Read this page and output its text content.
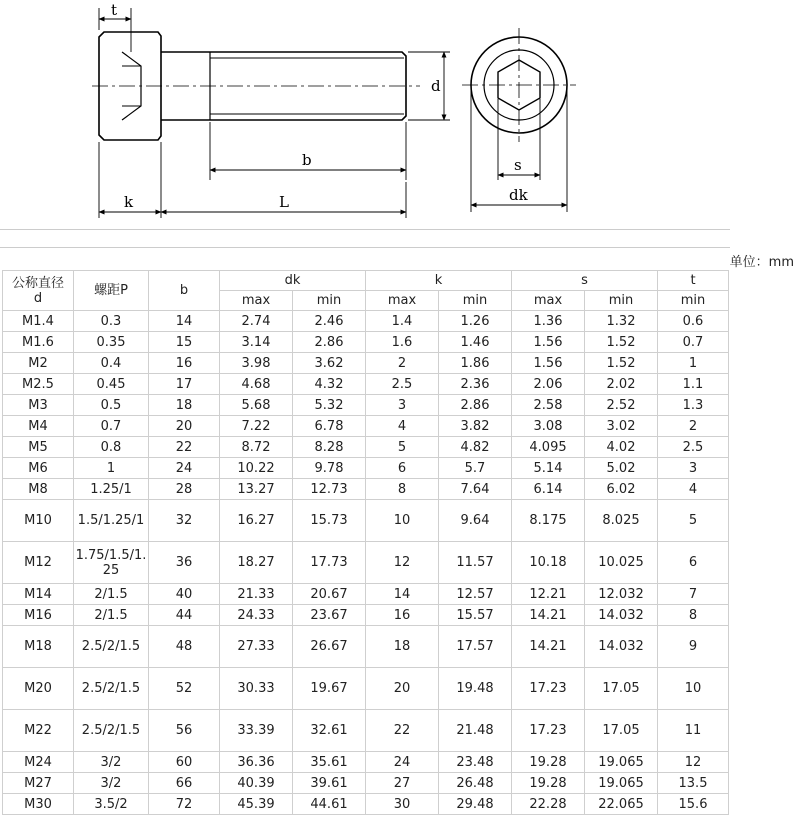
t
d
b
k	L
s
dk
单位：mm
公称直径
d	螺距P	b	dk		k		s		t
			max	min	max	min	max	min	min
M1.4	0.3	14	2.74	2.46	1.4	1.26	1.36	1.32	0.6
M1.6	0.35	15	3.14	2.86	1.6	1.46	1.56	1.52	0.7
M2	0.4	16	3.98	3.62	2	1.86	1.56	1.52	1
M2.5	0.45	17	4.68	4.32	2.5	2.36	2.06	2.02	1.1
M3	0.5	18	5.68	5.32	3	2.86	2.58	2.52	1.3
M4	0.7	20	7.22	6.78	4	3.82	3.08	3.02	2
M5	0.8	22	8.72	8.28	5	4.82	4.095	4.02	2.5
M6	1	24	10.22	9.78	6	5.7	5.14	5.02	3
M8	1.25/1	28	13.27	12.73	8	7.64	6.14	6.02	4
M10	1.5/1.25/1	32	16.27	15.73	10	9.64	8.175	8.025	5
M12	1.75/1.5/1.25	36	18.27	17.73	12	11.57	10.18	10.025	6
M14	2/1.5	40	21.33	20.67	14	12.57	12.21	12.032	7
M16	2/1.5	44	24.33	23.67	16	15.57	14.21	14.032	8
M18	2.5/2/1.5	48	27.33	26.67	18	17.57	14.21	14.032	9
M20	2.5/2/1.5	52	30.33	19.67	20	19.48	17.23	17.05	10
M22	2.5/2/1.5	56	33.39	32.61	22	21.48	17.23	17.05	11
M24	3/2	60	36.36	35.61	24	23.48	19.28	19.065	12
M27	3/2	66	40.39	39.61	27	26.48	19.28	19.065	13.5
M30	3.5/2	72	45.39	44.61	30	29.48	22.28	22.065	15.6
